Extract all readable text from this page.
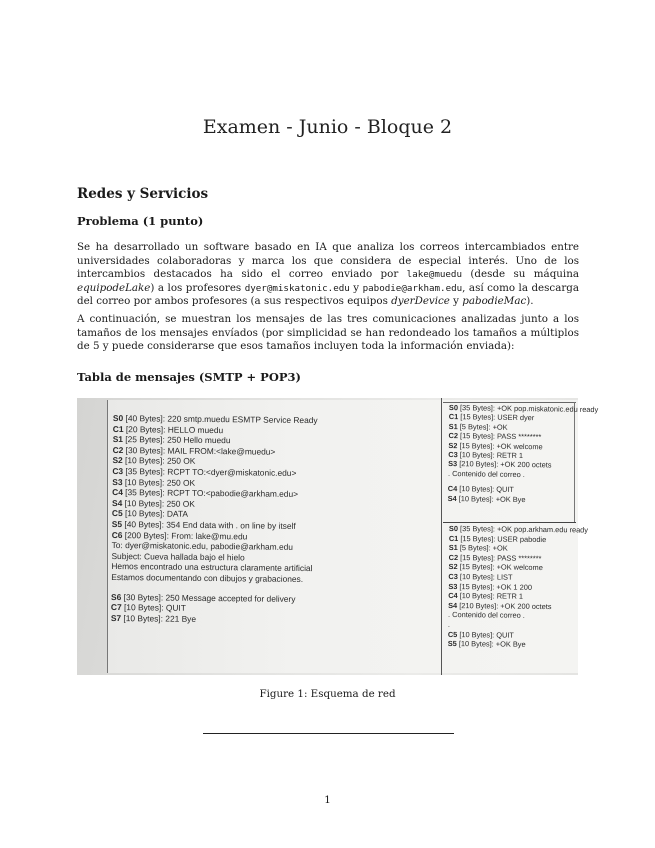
Examen - Junio - Bloque 2
Redes y Servicios
Problema (1 punto)
Se ha desarrollado un software basado en IA que analiza los correos intercambiados entre universidades colaboradoras y marca los que considera de especial interés. Uno de los intercambios destacados ha sido el correo enviado por lake@muedu (desde su máquina equipodeLake) a los profesores dyer@miskatonic.edu y pabodie@arkham.edu, así como la descarga del correo por ambos profesores (a sus respectivos equipos dyerDevice y pabodieMac).
A continuación, se muestran los mensajes de las tres comunicaciones analizadas junto a los tamaños de los mensajes envíados (por simplicidad se han redondeado los tamaños a múltiplos de 5 y puede considerarse que esos tamaños incluyen toda la información enviada):
Tabla de mensajes (SMTP + POP3)
S0 [40 Bytes]: 220 smtp.muedu ESMTP Service Ready
C1 [20 Bytes]: HELLO muedu
S1 [25 Bytes]: 250 Hello muedu
C2 [30 Bytes]: MAIL FROM:<lake@muedu>
S2 [10 Bytes]: 250 OK
C3 [35 Bytes]: RCPT TO:<dyer@miskatonic.edu>
S3 [10 Bytes]: 250 OK
C4 [35 Bytes]: RCPT TO:<pabodie@arkham.edu>
S4 [10 Bytes]: 250 OK
C5 [10 Bytes]: DATA
S5 [40 Bytes]: 354 End data with . on line by itself
C6 [200 Bytes]: From: lake@mu.edu
To: dyer@miskatonic.edu, pabodie@arkham.edu
Subject: Cueva hallada bajo el hielo
Hemos encontrado una estructura claramente artificial
Estamos documentando con dibujos y grabaciones.
S6 [30 Bytes]: 250 Message accepted for delivery
C7 [10 Bytes]: QUIT
S7 [10 Bytes]: 221 Bye
S0 [35 Bytes]: +OK pop.miskatonic.edu ready
C1 [15 Bytes]: USER dyer
S1 [5 Bytes]: +OK
C2 [15 Bytes]: PASS ********
S2 [15 Bytes]: +OK welcome
C3 [10 Bytes]: RETR 1
S3 [210 Bytes]: +OK 200 octets
. Contenido del correo .
C4 [10 Bytes]: QUIT
S4 [10 Bytes]: +OK Bye
S0 [35 Bytes]: +OK pop.arkham.edu ready
C1 [15 Bytes]: USER pabodie
S1 [5 Bytes]: +OK
C2 [15 Bytes]: PASS ********
S2 [15 Bytes]: +OK welcome
C3 [10 Bytes]: LIST
S3 [15 Bytes]: +OK 1 200
C4 [10 Bytes]: RETR 1
S4 [210 Bytes]: +OK 200 octets
. Contenido del correo .
.
C5 [10 Bytes]: QUIT
S5 [10 Bytes]: +OK Bye
Figure 1: Esquema de red
1
